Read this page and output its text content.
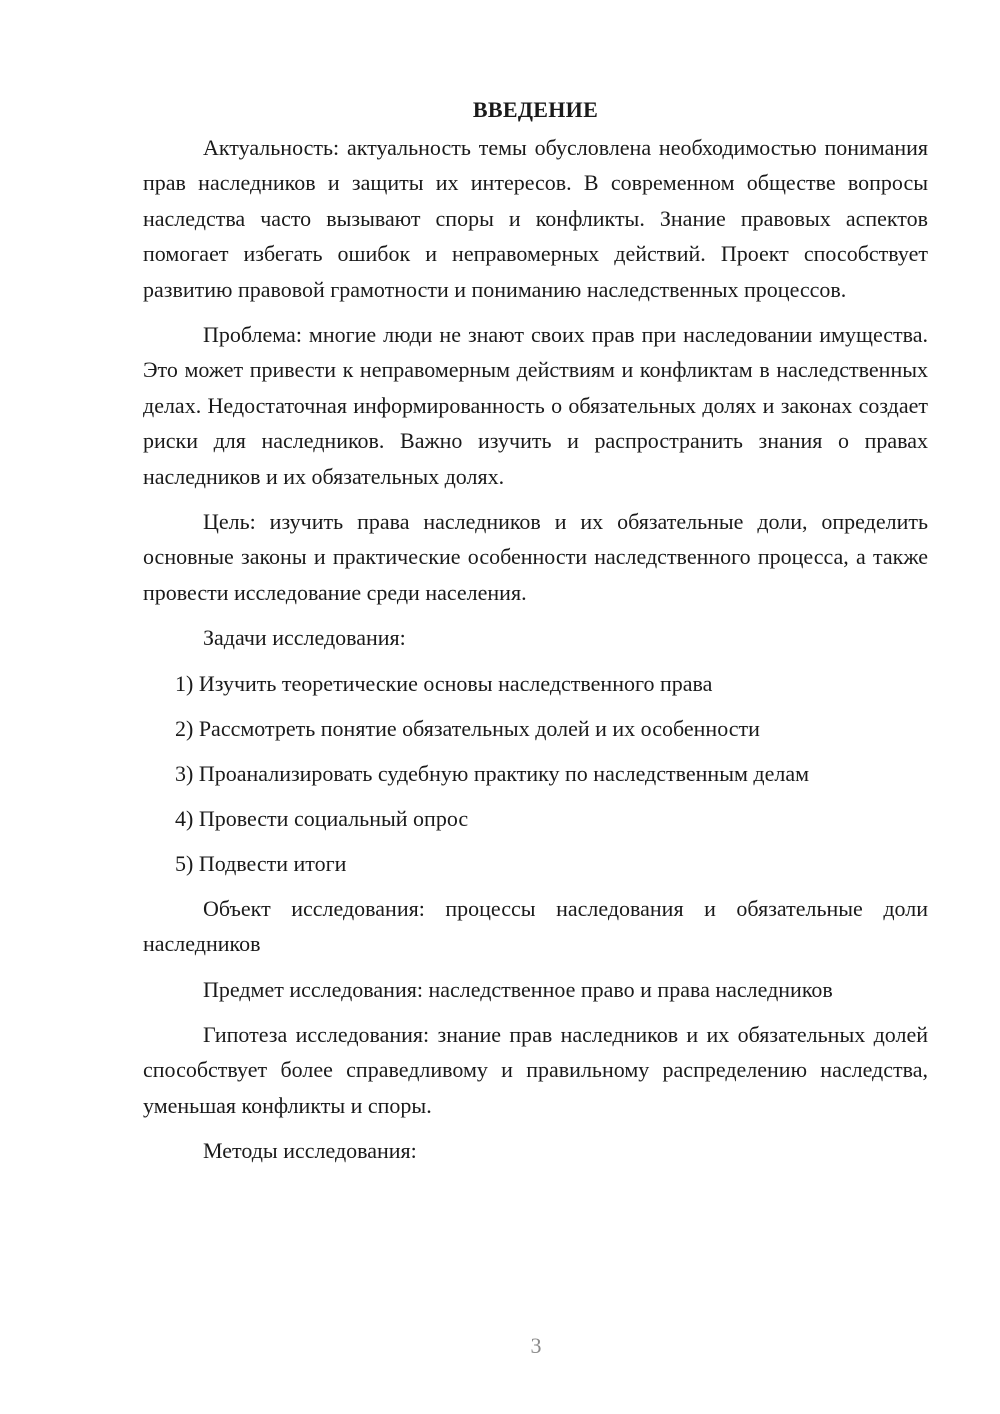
ВВЕДЕНИЕ

Актуальность: актуальность темы обусловлена необходимостью понимания прав наследников и защиты их интересов. В современном обществе вопросы наследства часто вызывают споры и конфликты. Знание правовых аспектов помогает избегать ошибок и неправомерных действий. Проект способствует развитию правовой грамотности и пониманию наследственных процессов.

Проблема: многие люди не знают своих прав при наследовании имущества. Это может привести к неправомерным действиям и конфликтам в наследственных делах. Недостаточная информированность о обязательных долях и законах создает риски для наследников. Важно изучить и распространить знания о правах наследников и их обязательных долях.

Цель: изучить права наследников и их обязательные доли, определить основные законы и практические особенности наследственного процесса, а также провести исследование среди населения.

Задачи исследования:

1) Изучить теоретические основы наследственного права
2) Рассмотреть понятие обязательных долей и их особенности
3) Проанализировать судебную практику по наследственным делам
4) Провести социальный опрос
5) Подвести итоги

Объект исследования: процессы наследования и обязательные доли наследников

Предмет исследования: наследственное право и права наследников

Гипотеза исследования: знание прав наследников и их обязательных долей способствует более справедливому и правильному распределению наследства, уменьшая конфликты и споры.

Методы исследования:

3
